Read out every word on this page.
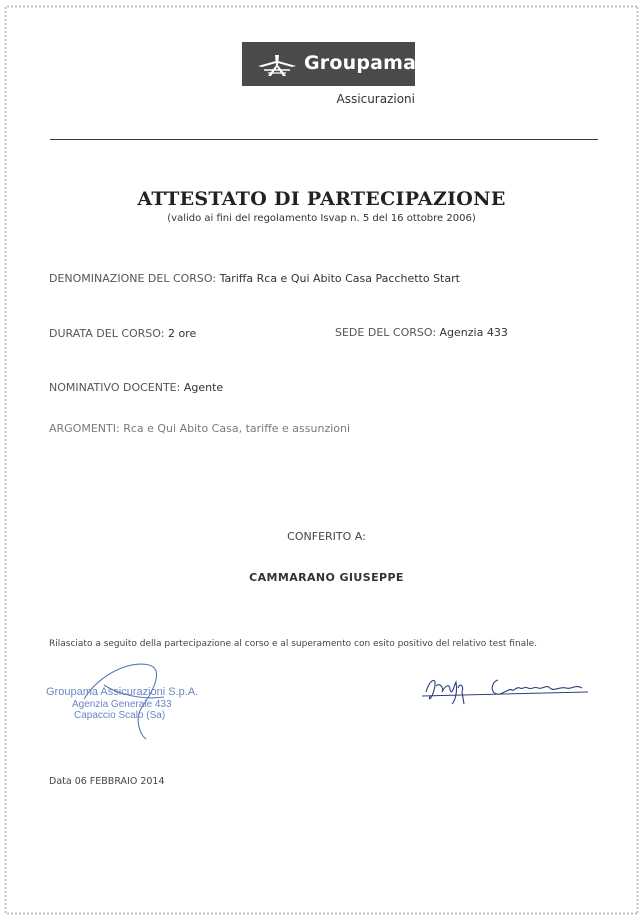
Groupama
Assicurazioni
ATTESTATO DI PARTECIPAZIONE
(valido ai fini del regolamento Isvap n. 5 del 16 ottobre 2006)
DENOMINAZIONE DEL CORSO: Tariffa Rca e Qui Abito Casa Pacchetto Start
DURATA DEL CORSO: 2 ore	SEDE DEL CORSO: Agenzia 433
NOMINATIVO DOCENTE: Agente
ARGOMENTI: Rca e Qui Abito Casa, tariffe e assunzioni
CONFERITO A:
CAMMARANO GIUSEPPE
Rilasciato a seguito della partecipazione al corso e al superamento con esito positivo del relativo test finale.
Groupama Assicurazioni S.p.A.
Agenzia Generale 433
Capaccio Scalo (Sa)
Data 06 FEBBRAIO 2014
